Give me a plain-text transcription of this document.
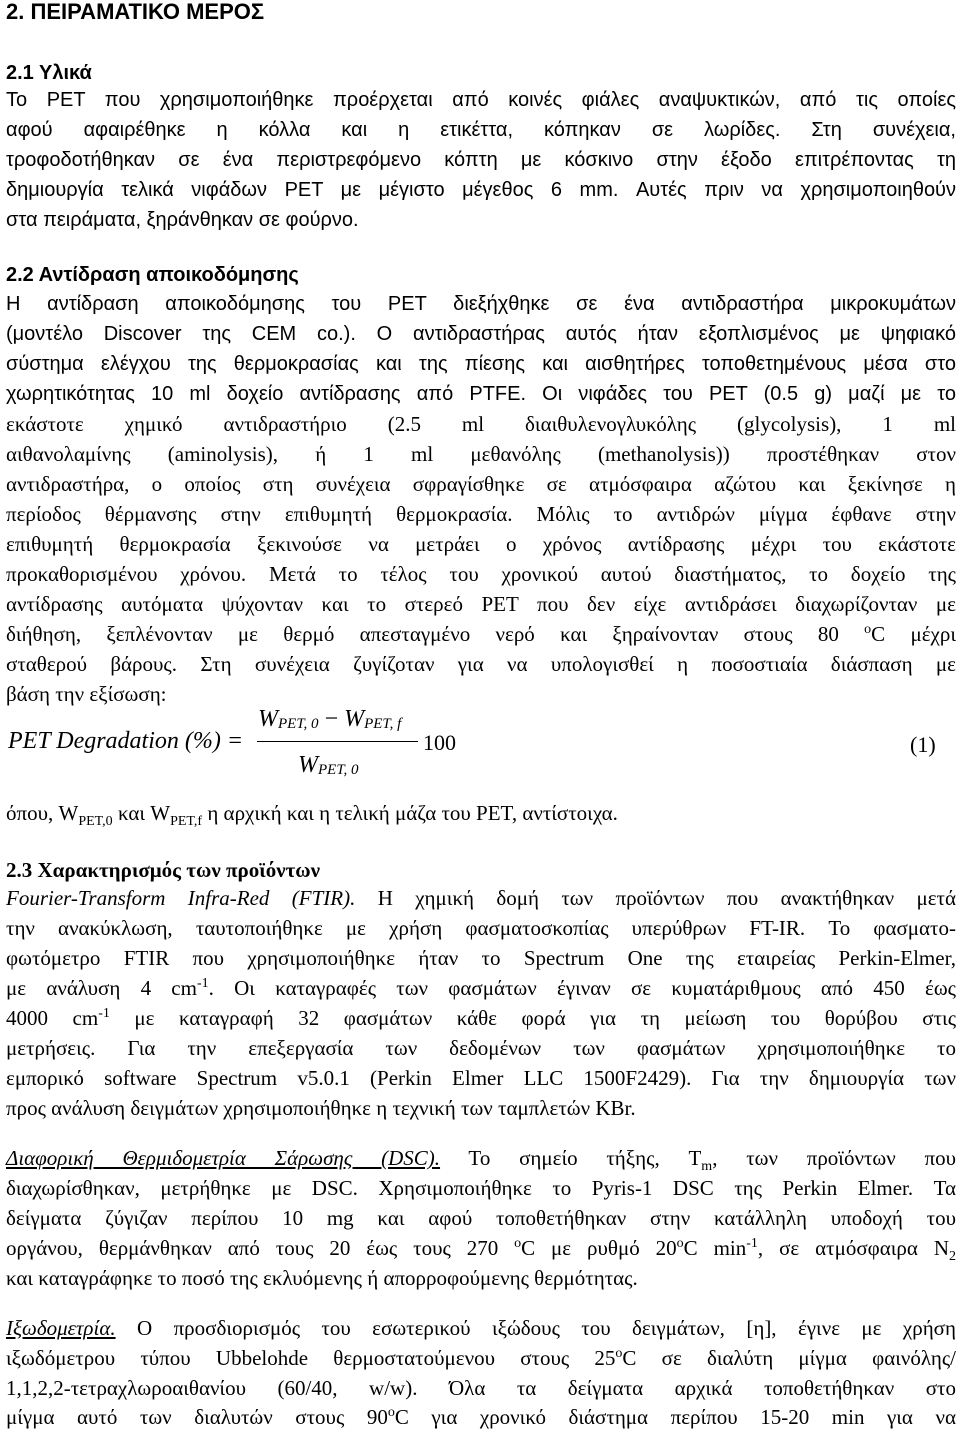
2. ΠΕΙΡΑΜΑΤΙΚΟ ΜΕΡΟΣ
2.1 Υλικά
Το PET που χρησιμοποιήθηκε προέρχεται από κοινές φιάλες αναψυκτικών, από τις οποίες
αφού αφαιρέθηκε η κόλλα και η ετικέττα, κόπηκαν σε λωρίδες. Στη συνέχεια,
τροφοδοτήθηκαν σε ένα περιστρεφόμενο κόπτη με κόσκινο στην έξοδο επιτρέποντας τη
δημιουργία τελικά νιφάδων PET με μέγιστο μέγεθος 6 mm. Αυτές πριν να χρησιμοποιηθούν
στα πειράματα, ξηράνθηκαν σε φούρνο.
2.2 Αντίδραση αποικοδόμησης
Η αντίδραση αποικοδόμησης του PET διεξήχθηκε σε ένα αντιδραστήρα μικροκυμάτων
(μοντέλο Discover της CEM co.). Ο αντιδραστήρας αυτός ήταν εξοπλισμένος με ψηφιακό
σύστημα ελέγχου της θερμοκρασίας και της πίεσης και αισθητήρες τοποθετημένους μέσα στο
χωρητικότητας 10 ml δοχείο αντίδρασης από PTFE. Οι νιφάδες του PET (0.5 g) μαζί με το
εκάστοτε χημικό αντιδραστήριο (2.5 ml διαιθυλενογλυκόλης (glycolysis), 1 ml
αιθανολαμίνης (aminolysis), ή 1 ml μεθανόλης (methanolysis)) προστέθηκαν στον
αντιδραστήρα, ο οποίος στη συνέχεια σφραγίσθηκε σε ατμόσφαιρα αζώτου και ξεκίνησε η
περίοδος θέρμανσης στην επιθυμητή θερμοκρασία. Μόλις το αντιδρών μίγμα έφθανε στην
επιθυμητή θερμοκρασία ξεκινούσε να μετράει ο χρόνος αντίδρασης μέχρι του εκάστοτε
προκαθορισμένου χρόνου. Μετά το τέλος του χρονικού αυτού διαστήματος, το δοχείο της
αντίδρασης αυτόματα ψύχονταν και το στερεό PET που δεν είχε αντιδράσει διαχωρίζονταν με
διήθηση, ξεπλένονταν με θερμό απεσταγμένο νερό και ξηραίνονταν στους 80 $^o$C μέχρι
σταθερού βάρους. Στη συνέχεια ζυγίζοταν για να υπολογισθεί η ποσοστιαία διάσπαση με
βάση την εξίσωση:
PET Degradation (%) =
WPET, 0 − WPET, f
WPET, 0
100	(1)
όπου, $W_{PET,0}$ και $W_{PET,f}$ η αρχική και η τελική μάζα του PET, αντίστοιχα.
2.3 Χαρακτηρισμός των προϊόντων
Fourier-Transform Infra-Red (FTIR). Η χημική δομή των προϊόντων που ανακτήθηκαν μετά
την ανακύκλωση, ταυτοποιήθηκε με χρήση φασματοσκοπίας υπερύθρων FT-IR. Το φασματο-
φωτόμετρο FTIR που χρησιμοποιήθηκε ήταν το Spectrum One της εταιρείας Perkin-Elmer,
με ανάλυση 4 $cm^{-1}$. Οι καταγραφές των φασμάτων έγιναν σε κυματάριθμους από 450 έως
4000 $cm^{-1}$ με καταγραφή 32 φασμάτων κάθε φορά για τη μείωση του θορύβου στις
μετρήσεις. Για την επεξεργασία των δεδομένων των φασμάτων χρησιμοποιήθηκε το
εμπορικό software Spectrum v5.0.1 (Perkin Elmer LLC 1500F2429). Για την δημιουργία των
προς ανάλυση δειγμάτων χρησιμοποιήθηκε η τεχνική των ταμπλετών KBr.
Διαφορική Θερμιδομετρία Σάρωσης (DSC). Το σημείο τήξης, $T_m$, των προϊόντων που
διαχωρίσθηκαν, μετρήθηκε με DSC. Χρησιμοποιήθηκε το Pyris-1 DSC της Perkin Elmer. Τα
δείγματα ζύγιζαν περίπου 10 mg και αφού τοποθετήθηκαν στην κατάλληλη υποδοχή του
οργάνου, θερμάνθηκαν από τους 20 έως τους 270 $^o$C με ρυθμό 20$^o$C $\min^{-1}$, σε ατμόσφαιρα $N_2$
και καταγράφηκε το ποσό της εκλυόμενης ή απορροφούμενης θερμότητας.
Ιξωδομετρία. Ο προσδιορισμός του εσωτερικού ιξώδους του δειγμάτων, [η], έγινε με χρήση
ιξωδόμετρου τύπου Ubbelohde θερμοστατούμενου στους 25$^o$C σε διαλύτη μίγμα φαινόλης/
1,1,2,2-τετραχλωροαιθανίου (60/40, w/w). Όλα τα δείγματα αρχικά τοποθετήθηκαν στο
μίγμα αυτό των διαλυτών στους 90$^o$C για χρονικό διάστημα περίπου 15-20 min για να
